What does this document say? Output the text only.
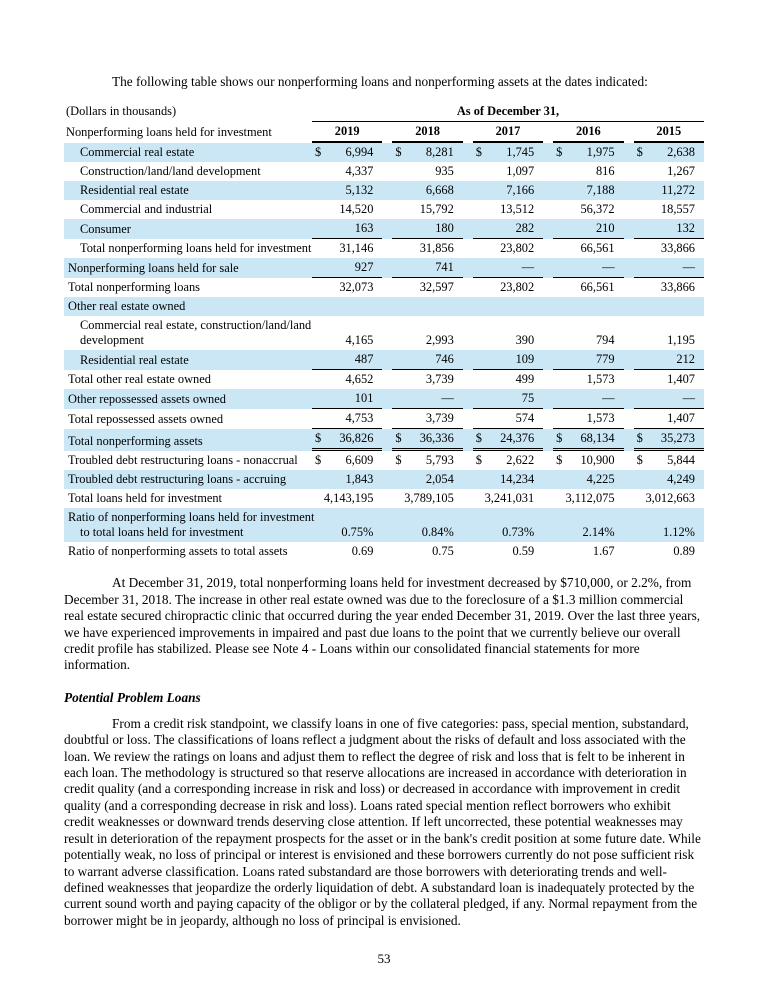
The following table shows our nonperforming loans and nonperforming assets at the dates indicated:

(Dollars in thousands)	As of December 31,				

Nonperforming loans held for investment	2019	2018	2017	2016	2015

Commercial real estate	$ 6,994	$ 8,281	$ 1,745	$ 1,975	$ 2,638

Construction/land/land development	4,337	935	1,097	816	1,267

Residential real estate	5,132	6,668	7,166	7,188	11,272

Commercial and industrial	14,520	15,792	13,512	56,372	18,557

Consumer	163	180	282	210	132

Total nonperforming loans held for investment	31,146	31,856	23,802	66,561	33,866

Nonperforming loans held for sale	927	741	—	—	—

Total nonperforming loans	32,073	32,597	23,802	66,561	33,866

Other real estate owned					

Commercial real estate, construction/land/land
development	4,165	2,993	390	794	1,195

Residential real estate	487	746	109	779	212

Total other real estate owned	4,652	3,739	499	1,573	1,407

Other repossessed assets owned	101	—	75	—	—

Total repossessed assets owned	4,753	3,739	574	1,573	1,407

Total nonperforming assets	$ 36,826	$ 36,336	$ 24,376	$ 68,134	$ 35,273

Troubled debt restructuring loans - nonaccrual	$ 6,609	$ 5,793	$ 2,622	$ 10,900	$ 5,844

Troubled debt restructuring loans - accruing	1,843	2,054	14,234	4,225	4,249

Total loans held for investment	4,143,195	3,789,105	3,241,031	3,112,075	3,012,663

Ratio of nonperforming loans held for investment
to total loans held for investment	0.75%	0.84%	0.73%	2.14%	1.12%

Ratio of nonperforming assets to total assets	0.69	0.75	0.59	1.67	0.89

At December 31, 2019, total nonperforming loans held for investment decreased by $710,000, or 2.2%, from December 31, 2018. The increase in other real estate owned was due to the foreclosure of a $1.3 million commercial real estate secured chiropractic clinic that occurred during the year ended December 31, 2019. Over the last three years, we have experienced improvements in impaired and past due loans to the point that we currently believe our overall credit profile has stabilized. Please see Note 4 - Loans within our consolidated financial statements for more information.

Potential Problem Loans

From a credit risk standpoint, we classify loans in one of five categories: pass, special mention, substandard, doubtful or loss. The classifications of loans reflect a judgment about the risks of default and loss associated with the loan. We review the ratings on loans and adjust them to reflect the degree of risk and loss that is felt to be inherent in each loan. The methodology is structured so that reserve allocations are increased in accordance with deterioration in credit quality (and a corresponding increase in risk and loss) or decreased in accordance with improvement in credit quality (and a corresponding decrease in risk and loss). Loans rated special mention reflect borrowers who exhibit credit weaknesses or downward trends deserving close attention. If left uncorrected, these potential weaknesses may result in deterioration of the repayment prospects for the asset or in the bank's credit position at some future date. While potentially weak, no loss of principal or interest is envisioned and these borrowers currently do not pose sufficient risk to warrant adverse classification. Loans rated substandard are those borrowers with deteriorating trends and well-defined weaknesses that jeopardize the orderly liquidation of debt. A substandard loan is inadequately protected by the current sound worth and paying capacity of the obligor or by the collateral pledged, if any. Normal repayment from the borrower might be in jeopardy, although no loss of principal is envisioned.

53
